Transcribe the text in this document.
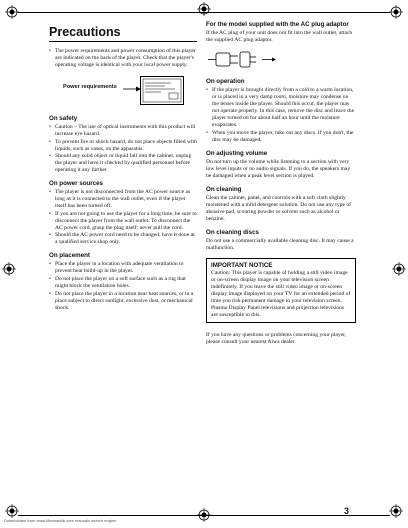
Precautions
• The power requirements and power consumption of this player are indicated on the back of the player. Check that the player's operating voltage is identical with your local power supply.
Power requirements
On safety
• Caution – The use of optical instruments with this product will increase eye hazard.
• To prevent fire or shock hazard, do not place objects filled with liquids, such as vases, on the apparatus.
• Should any solid object or liquid fall into the cabinet, unplug the player and have it checked by qualified personnel before operating it any further.
On power sources
• The player is not disconnected from the AC power source as long as it is connected to the wall outlet, even if the player itself has been turned off.
• If you are not going to use the player for a long time, be sure to disconnect the player from the wall outlet. To disconnect the AC power cord, grasp the plug itself; never pull the cord.
• Should the AC power cord need to be changed, have it done at a qualified service shop only.
On placement
• Place the player in a location with adequate ventilation to prevent heat build-up in the player.
• Do not place the player on a soft surface such as a rug that might block the ventilation holes.
• Do not place the player in a location near heat sources, or in a place subject to direct sunlight, excessive dust, or mechanical shock.
For the model supplied with the AC plug adaptor

If the AC plug of your unit does not fit into the wall outlet, attach the supplied AC plug adaptor.

On operation
• If the player is brought directly from a cold to a warm location, or is placed in a very damp room, moisture may condense on the lenses inside the player. Should this occur, the player may not operate properly. In this case, remove the disc and leave the player turned on for about half an hour until the moisture evaporates.
• When you move the player, take out any discs. If you don't, the disc may be damaged.
On adjusting volume

Do not turn up the volume while listening to a section with very low level inputs or no audio signals. If you do, the speakers may be damaged when a peak level section is played.

On cleaning

Clean the cabinet, panel, and controls with a soft cloth slightly moistened with a mild detergent solution. Do not use any type of abrasive pad, scouring powder or solvent such as alcohol or benzine.

On cleaning discs

Do not use a commercially available cleaning disc. It may cause a malfunction.

IMPORTANT NOTICE

Caution: This player is capable of holding a still video image or on-screen display image on your television screen indefinitely. If you leave the still video image or on-screen display image displayed on your TV for an extended period of time you risk permanent damage to your television screen. Plasma Display Panel televisions and projection televisions are susceptible to this.

If you have any questions or problems concerning your player, please consult your nearest Aiwa dealer.

3
Downloaded from www.Manualslib.com manuals search engine
